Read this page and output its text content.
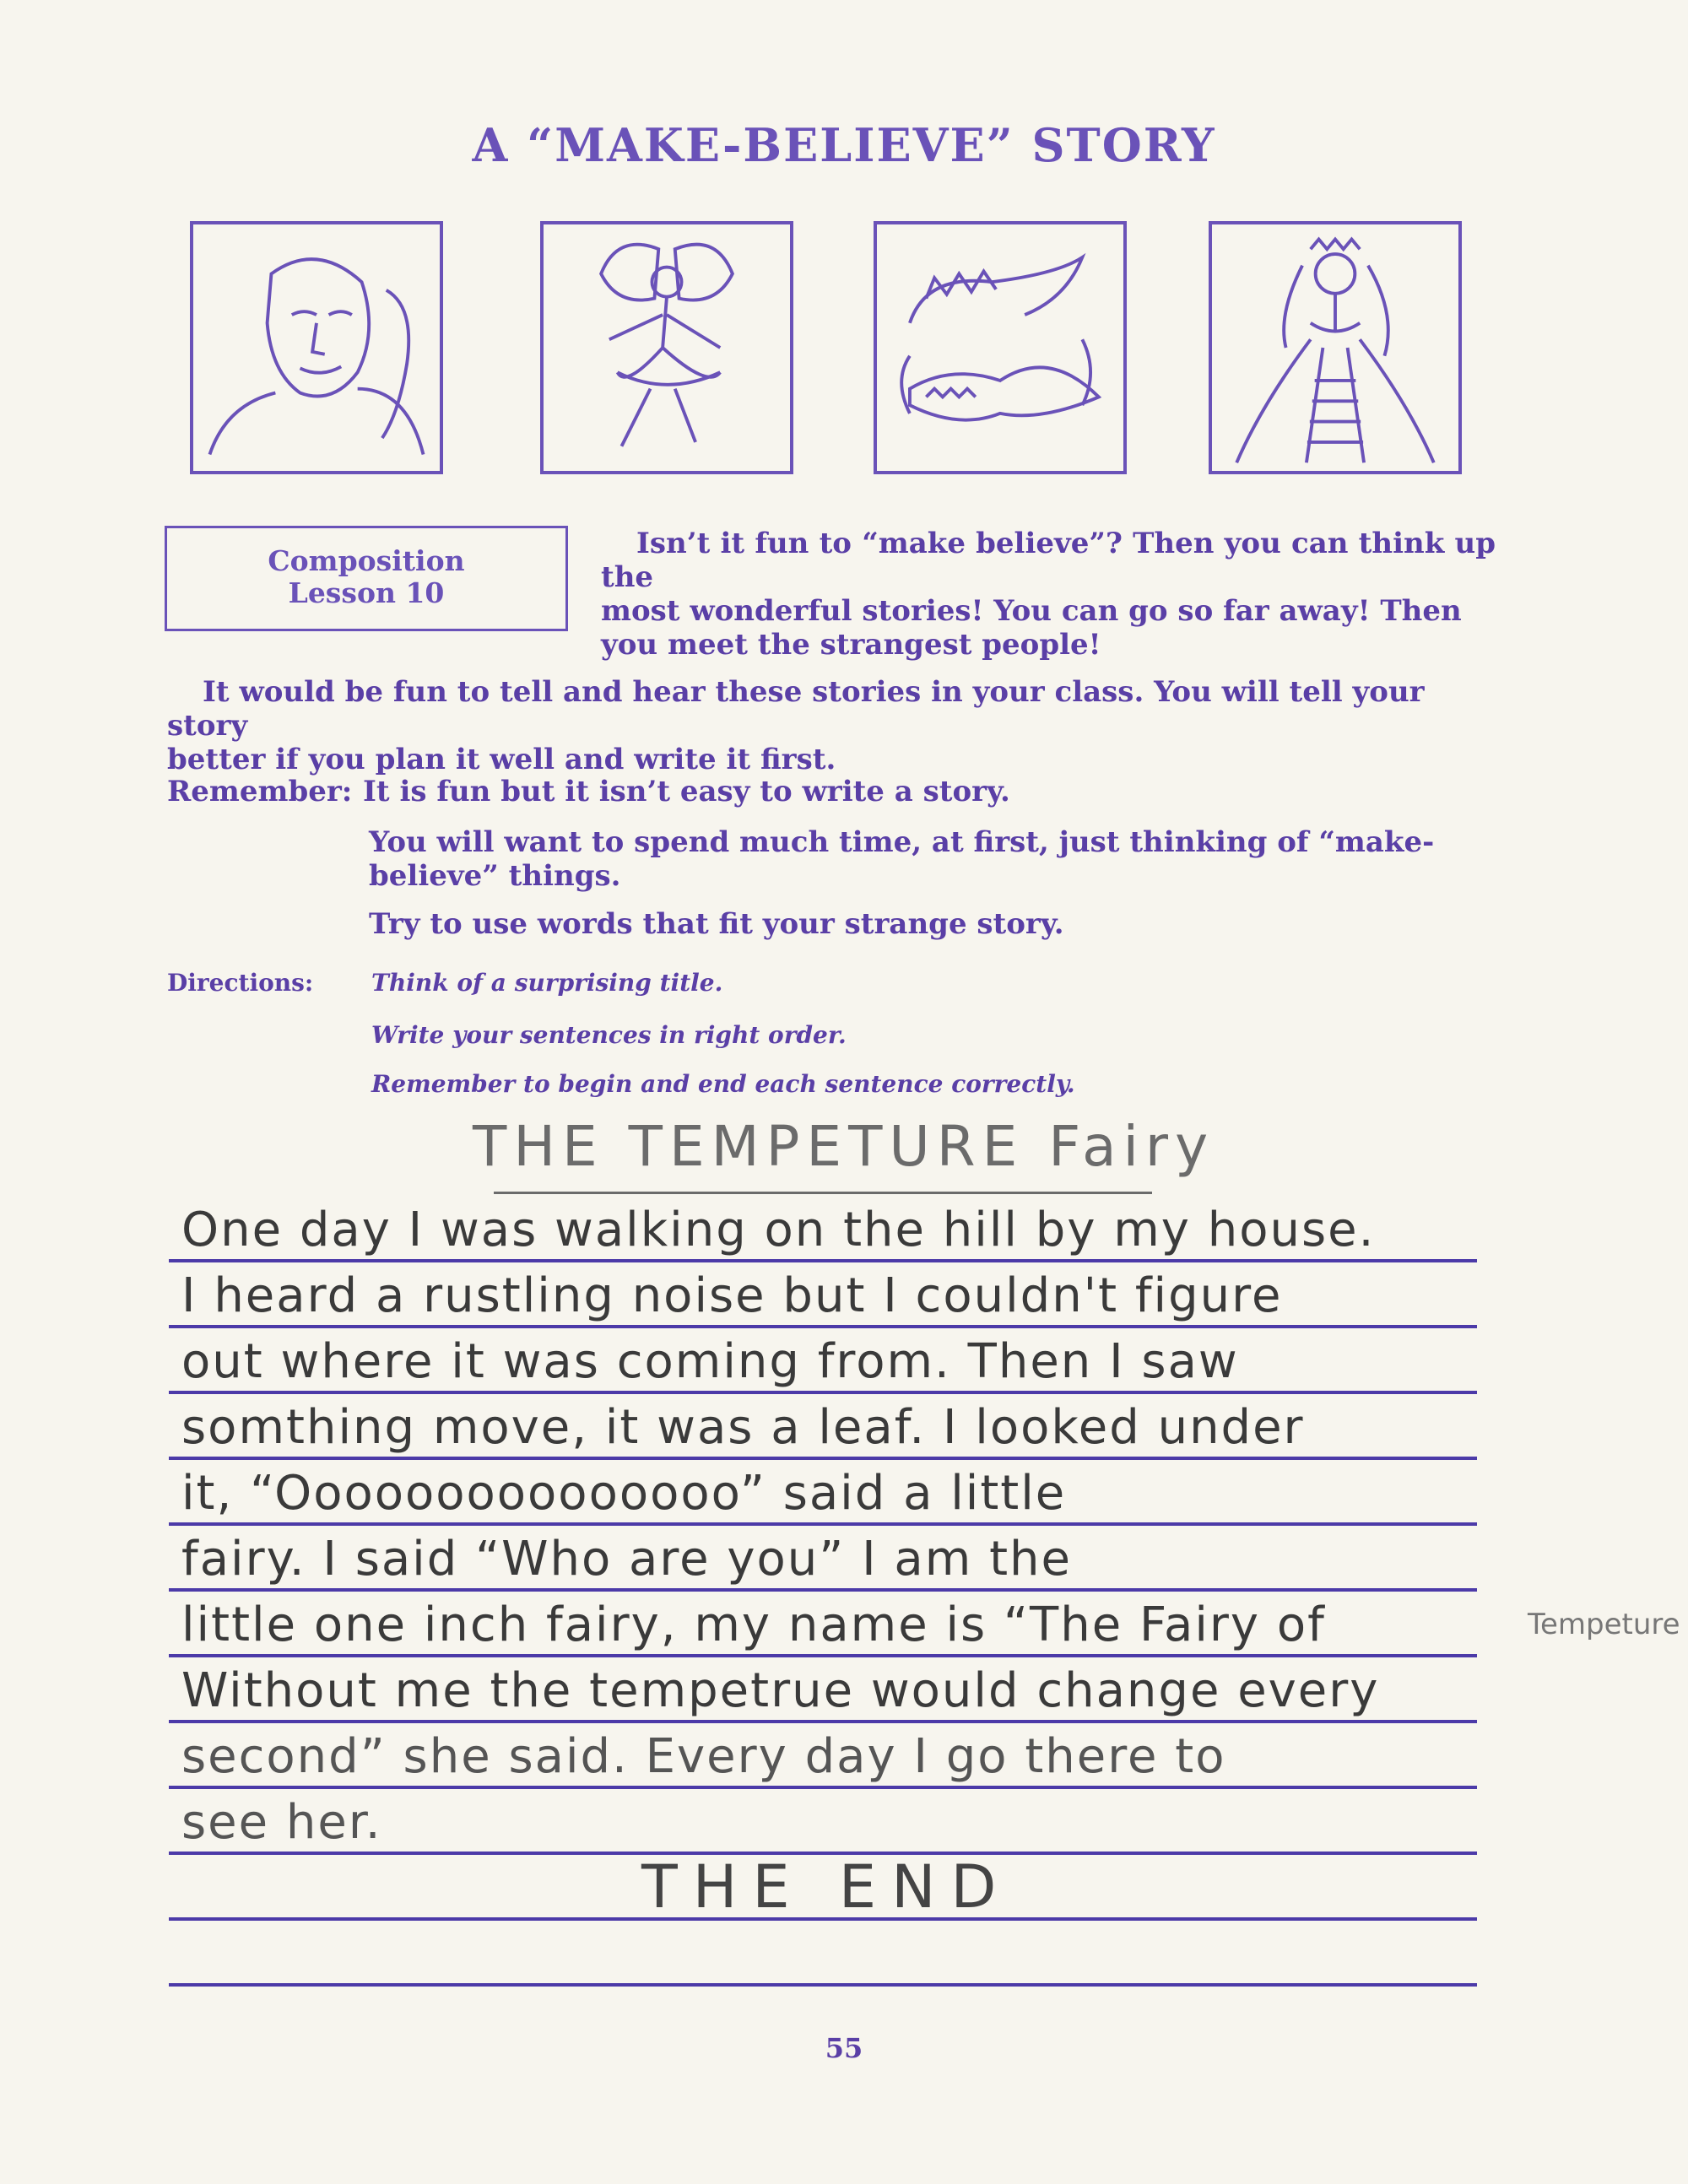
A “MAKE-BELIEVE” STORY
Composition
Lesson 10
Isn’t it fun to “make believe”? Then you can think up the
most wonderful stories! You can go so far away! Then
you meet the strangest people!
It would be fun to tell and hear these stories in your class. You will tell your story
better if you plan it well and write it first.
Remember: It is fun but it isn’t easy to write a story.
You will want to spend much time, at first, just thinking of “make-
believe” things.
Try to use words that fit your strange story.
Directions: Think of a surprising title.
Write your sentences in right order.
Remember to begin and end each sentence correctly.
THE TEMPETURE Fairy
One day I was walking on the hill by my house.
I heard a rustling noise but I couldn't figure
out where it was coming from. Then I saw
somthing move, it was a leaf. I looked under
it, “Ooooooooooooooo” said a little
fairy. I said “Who are you” I am the
little one inch fairy, my name is “The Fairy of
Without me the tempetrue would change every
second” she said. Every day I go there to
see her.
Tempeture
THE END
55
